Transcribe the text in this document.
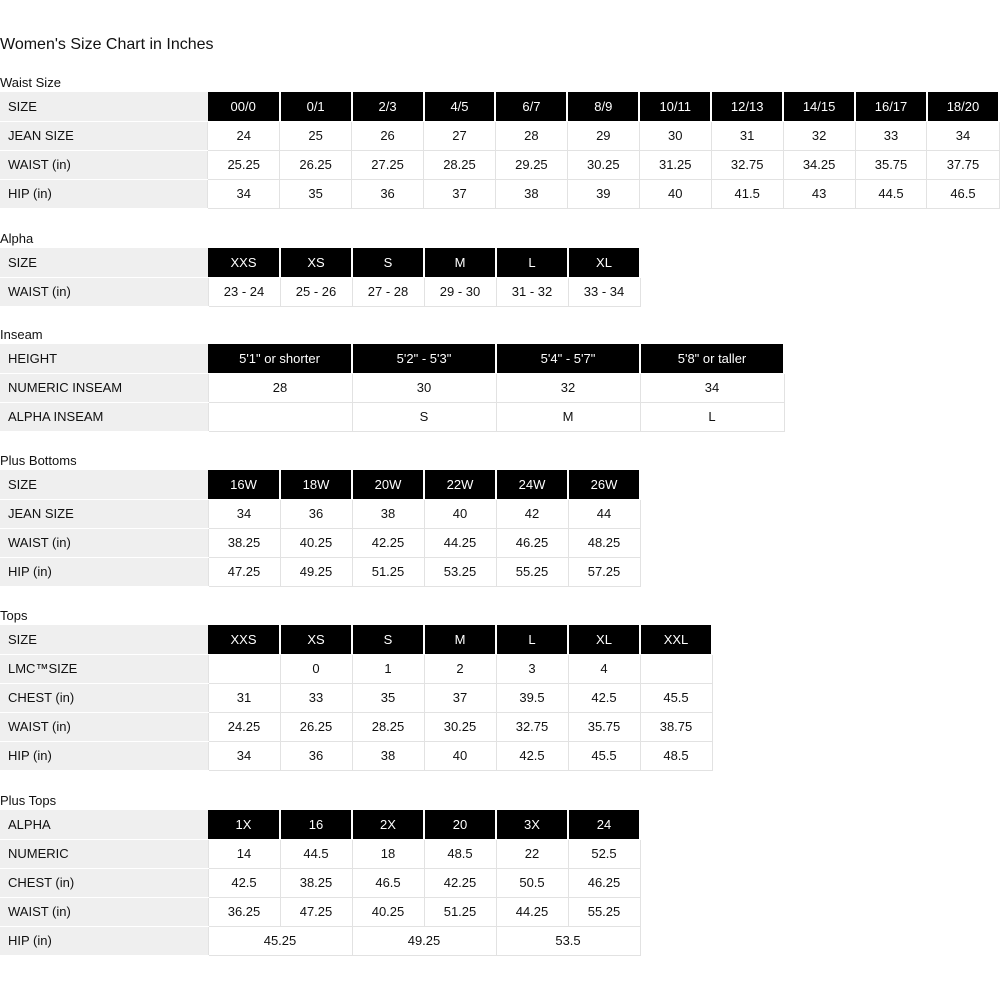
Women's Size Chart in Inches
Waist Size
SIZE	00/0	0/1	2/3	4/5	6/7	8/9	10/11	12/13	14/15	16/17	18/20
JEAN SIZE	24	25	26	27	28	29	30	31	32	33	34
WAIST (in)	25.25	26.25	27.25	28.25	29.25	30.25	31.25	32.75	34.25	35.75	37.75
HIP (in)	34	35	36	37	38	39	40	41.5	43	44.5	46.5
Alpha
SIZE	XXS	XS	S	M	L	XL
WAIST (in)	23 - 24	25 - 26	27 - 28	29 - 30	31 - 32	33 - 34
Inseam
HEIGHT	5'1" or shorter	5'2" - 5'3"	5'4" - 5'7"	5'8" or taller
NUMERIC INSEAM	28	30	32	34
ALPHA INSEAM		S	M	L
Plus Bottoms
SIZE	16W	18W	20W	22W	24W	26W
JEAN SIZE	34	36	38	40	42	44
WAIST (in)	38.25	40.25	42.25	44.25	46.25	48.25
HIP (in)	47.25	49.25	51.25	53.25	55.25	57.25
Tops
SIZE	XXS	XS	S	M	L	XL	XXL
LMC™SIZE		0	1	2	3	4	
CHEST (in)	31	33	35	37	39.5	42.5	45.5
WAIST (in)	24.25	26.25	28.25	30.25	32.75	35.75	38.75
HIP (in)	34	36	38	40	42.5	45.5	48.5
Plus Tops
ALPHA	1X	16	2X	20	3X	24
NUMERIC	14	44.5	18	48.5	22	52.5
CHEST (in)	42.5	38.25	46.5	42.25	50.5	46.25
WAIST (in)	36.25	47.25	40.25	51.25	44.25	55.25
HIP (in)	45.25		49.25		53.5	
